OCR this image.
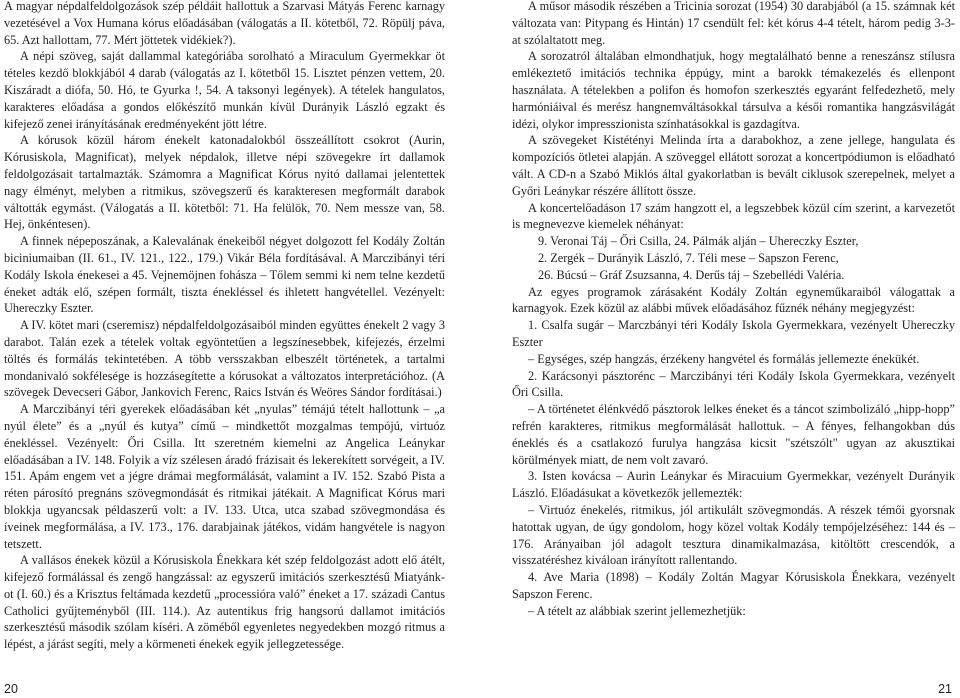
A magyar népdalfeldolgozások szép példáit hallottuk a Szarvasi Mátyás Ferenc karnagy vezetésével a Vox Humana kórus előadásában (válogatás a II. kötetből, 72. Röpülj páva, 65. Azt hallottam, 77. Mért jöttetek vidékiek?).

A népi szöveg, saját dallammal kategóriába sorolható a Miraculum Gyermekkar öt tételes kezdő blokkjából 4 darab (válogatás az I. kötetből 15. Lisztet pénzen vettem, 20. Kiszáradt a diófa, 50. Hó, te Gyurka !, 54. A taksonyi legények). A tételek hangulatos, karakteres előadása a gondos előkészítő munkán kívül Durányik László egzakt és kifejező zenei irányításának eredményeként jött létre.

A kórusok közül három énekelt katonadalokból összeállított csokrot (Aurin, Kórusiskola, Magnificat), melyek népdalok, illetve népi szövegekre írt dallamok feldolgozásait tartalmazták. Számomra a Magnificat Kórus nyitó dallamai jelentettek nagy élményt, melyben a ritmikus, szövegszerű és karakteresen megformált darabok váltották egymást. (Válogatás a II. kötetből: 71. Ha felülök, 70. Nem messze van, 58. Hej, önkéntesen).

A finnek népeposzának, a Kalevalának énekeiből négyet dolgozott fel Kodály Zoltán biciniumaiban (II. 61., IV. 121., 122., 179.) Vikár Béla fordításával. A Marczibányi téri Kodály Iskola énekesei a 45. Vejnemöjnen fohásza – Tőlem semmi ki nem telne kezdetű éneket adták elő, szépen formált, tiszta énekléssel és ihletett hangvétellel. Vezényelt: Uhereczky Eszter.

A IV. kötet mari (cseremisz) népdalfeldolgozásaiból minden együttes énekelt 2 vagy 3 darabot. Talán ezek a tételek voltak egyöntetűen a legszínesebbek, kifejezés, érzelmi töltés és formálás tekintetében. A több versszakban elbeszélt történetek, a tartalmi mondanivaló sokfélesége is hozzásegítette a kórusokat a változatos interpretációhoz. (A szövegek Devecseri Gábor, Jankovich Ferenc, Raics István és Weöres Sándor fordításai.)

A Marczibányi téri gyerekek előadásában két „nyulas” témájú tételt hallottunk – „a nyúl élete” és a „nyúl és kutya” című – mindkettőt mozgalmas tempójú, virtuóz énekléssel. Vezényelt: Őri Csilla. Itt szeretném kiemelni az Angelica Leánykar előadásában a IV. 148. Folyik a víz szélesen áradó frázisait és lekerekített sorvégeit, a IV. 151. Apám engem vet a jégre drámai megformálását, valamint a IV. 152. Szabó Pista a réten párosító pregnáns szövegmondását és ritmikai játékait. A Magnificat Kórus mari blokkja ugyancsak példaszerű volt: a IV. 133. Utca, utca szabad szövegmondása és íveinek megformálása, a IV. 173., 176. darabjainak játékos, vidám hangvétele is nagyon tetszett.

A vallásos énekek közül a Kórusiskola Énekkara két szép feldolgozást adott elő átélt, kifejező formálással és zengő hangzással: az egyszerű imitációs szerkesztésű Miatyánk-ot (I. 60.) és a Krisztus feltámada kezdetű „processióra való” éneket a 17. századi Cantus Catholici gyűjteményből (III. 114.). Az autentikus frig hangsorú dallamot imitációs szerkesztésű második szólam kíséri. A zöméből egyenletes negyedekben mozgó ritmus a lépést, a járást segíti, mely a körmeneti énekek egyik jellegzetessége.

A műsor második részében a Tricinia sorozat (1954) 30 darabjából (a 15. számnak két változata van: Pitypang és Hintán) 17 csendült fel: két kórus 4-4 tételt, három pedig 3-3-at szólaltatott meg.

A sorozatról általában elmondhatjuk, hogy megtalálható benne a reneszánsz stílusra emlékeztető imitációs technika éppúgy, mint a barokk témakezelés és ellenpont használata. A tételekben a polifon és homofon szerkesztés egyaránt felfedezhető, mely harmóniáival és merész hangnemváltásokkal társulva a késői romantika hangzásvilágát idézi, olykor impresszionista színhatásokkal is gazdagítva.

A szövegeket Kistétényi Melinda írta a darabokhoz, a zene jellege, hangulata és kompozíciós ötletei alapján. A szöveggel ellátott sorozat a koncertpódiumon is előadható vált. A CD-n a Szabó Miklós által gyakorlatban is bevált ciklusok szerepelnek, melyet a Győri Leánykar részére állított össze.

A koncertelőadáson 17 szám hangzott el, a legszebbek közül cím szerint, a karvezetőt is megnevezve kiemelek néhányat:

9. Veronai Táj – Őri Csilla, 24. Pálmák alján – Uhereczky Eszter,

2. Zergék – Durányik László, 7. Téli mese – Sapszon Ferenc,

26. Búcsú – Gráf Zsuzsanna, 4. Derűs táj – Szebellédi Valéria.

Az egyes programok zárásaként Kodály Zoltán egyneműkaraiból válogattak a karnagyok. Ezek közül az alábbi művek előadásához fűznék néhány megjegyzést:

1. Csalfa sugár – Marczbányi téri Kodály Iskola Gyermekkara, vezényelt Uhereczky Eszter

– Egységes, szép hangzás, érzékeny hangvétel és formálás jellemezte énekükét.

2. Karácsonyi pásztorénc – Marczibányi téri Kodály Iskola Gyermekkara, vezényelt Őri Csilla.

– A történetet élénkvédő pásztorok lelkes éneket és a táncot szimbolizáló „hipp-hopp” refrén karakteres, ritmikus megformálását hallottuk. – A fényes, felhangokban dús éneklés és a csatlakozó furulya hangzása kicsit "szétszólt" ugyan az akusztikai körülmények miatt, de nem volt zavaró.

3. Isten kovácsa – Aurin Leánykar és Miracuium Gyermekkar, vezényelt Durányik László. Előadásukat a következők jellemezték:

– Virtuóz énekelés, ritmikus, jól artikulált szövegmondás. A részek témői gyorsnak hatottak ugyan, de úgy gondolom, hogy közel voltak Kodály tempójelzéséhez: 144 és – 176. Arányaiban jól adagolt tesztura dinamikalmazása, kitöltött crescendók, a visszatéréshez kiváloan irányított rallentando.

4. Ave Maria (1898) – Kodály Zoltán Magyar Kórusiskola Énekkara, vezényelt Sapszon Ferenc.

– A tételt az alábbiak szerint jellemezhetjük:

20	21
